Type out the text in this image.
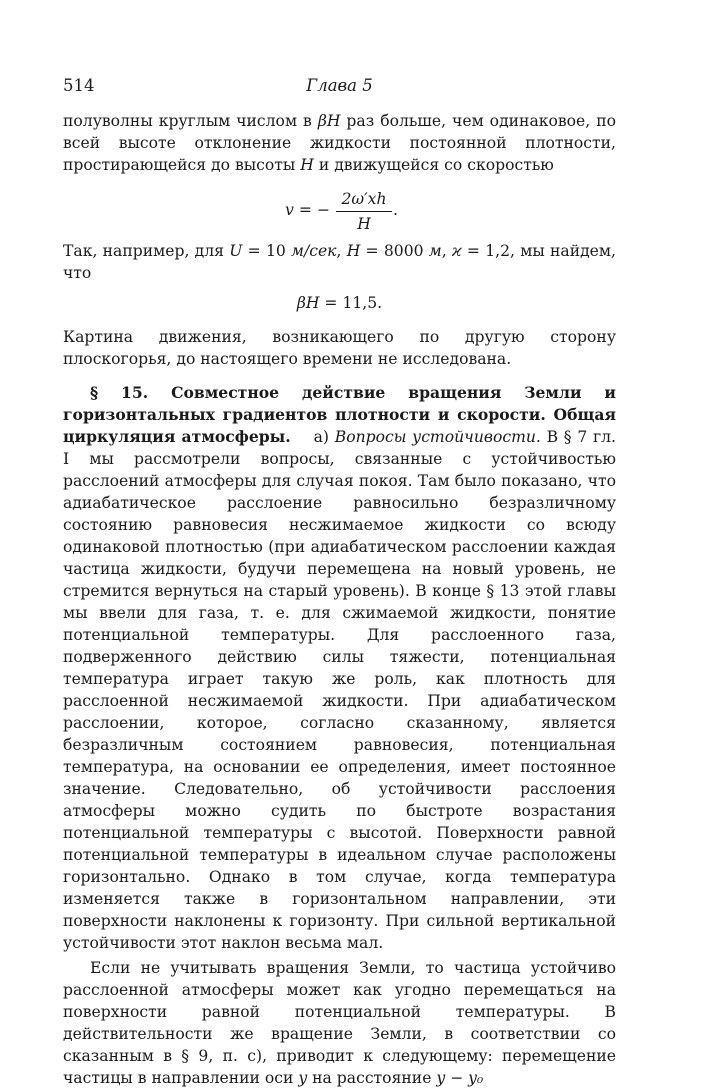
514	Глава 5

полуволны круглым числом в βH раз больше, чем одинаковое, по всей высоте отклонение жидкости постоянной плотности, простирающейся до высоты H и движущейся со скоростью

v = − $\frac{2\omega'xh}{H}$ .

Так, например, для U = 10 м/сек, H = 8000 м, ϰ = 1,2, мы найдем, что

βH = 11,5.

Картина движения, возникающего по другую сторону плоскогорья, до настоящего времени не исследована.

§ 15. Совместное действие вращения Земли и горизонтальных градиентов плотности и скорости. Общая циркуляция атмосферы. а) Вопросы устойчивости. В § 7 гл. I мы рассмотрели вопросы, связанные с устойчивостью расслоений атмосферы для случая покоя. Там было показано, что адиабатическое расслоение равносильно безразличному состоянию равновесия несжимаемое жидкости со всюду одинаковой плотностью (при адиабатическом расслоении каждая частица жидкости, будучи перемещена на новый уровень, не стремится вернуться на старый уровень). В конце § 13 этой главы мы ввели для газа, т. е. для сжимаемой жидкости, понятие потенциальной температуры. Для расслоенного газа, подверженного действию силы тяжести, потенциальная температура играет такую же роль, как плотность для расслоенной несжимаемой жидкости. При адиабатическом расслоении, которое, согласно сказанному, является безразличным состоянием равновесия, потенциальная температура, на основании ее определения, имеет постоянное значение. Следовательно, об устойчивости расслоения атмосферы можно судить по быстроте возрастания потенциальной температуры с высотой. Поверхности равной потенциальной температуры в идеальном случае расположены горизонтально. Однако в том случае, когда температура изменяется также в горизонтальном направлении, эти поверхности наклонены к горизонту. При сильной вертикальной устойчивости этот наклон весьма мал.

Если не учитывать вращения Земли, то частица устойчиво расслоенной атмосферы может как угодно перемещаться на поверхности равной потенциальной температуры. В действительности же вращение Земли, в соответствии со сказанным в § 9, п. с), приводит к следующему: перемещение частицы в направлении оси y на расстояние y − y₀
